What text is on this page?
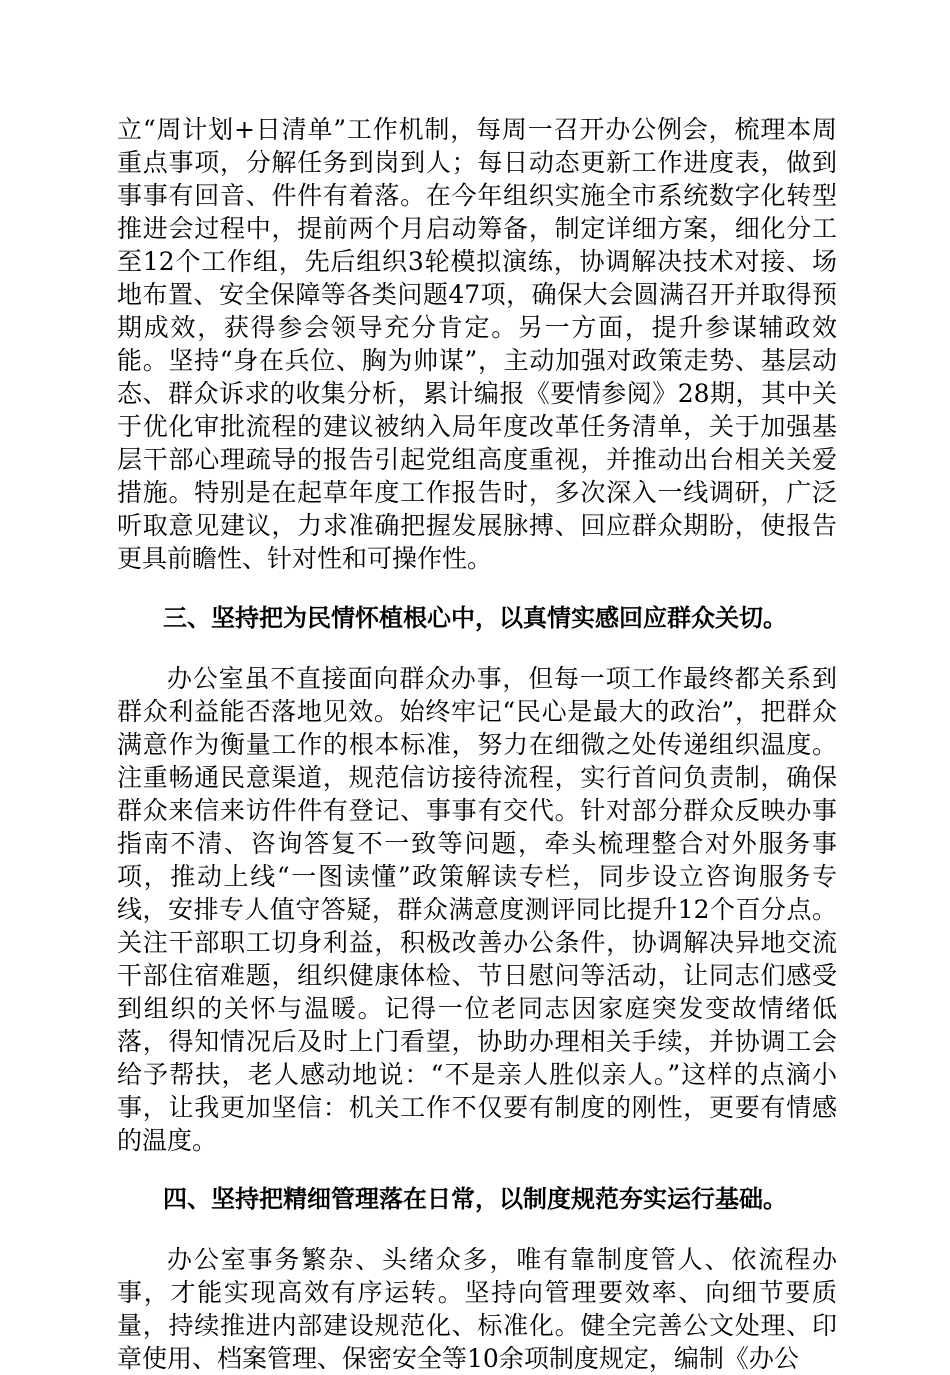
立“周计划+日清单”工作机制，每周一召开办公例会，梳理本周重点事项，分解任务到岗到人；每日动态更新工作进度表，做到事事有回音、件件有着落。在今年组织实施全市系统数字化转型推进会过程中，提前两个月启动筹备，制定详细方案，细化分工至12个工作组，先后组织3轮模拟演练，协调解决技术对接、场地布置、安全保障等各类问题47项，确保大会圆满召开并取得预期成效，获得参会领导充分肯定。另一方面，提升参谋辅政效能。坚持“身在兵位、胸为帅谋”，主动加强对政策走势、基层动态、群众诉求的收集分析，累计编报《要情参阅》28期，其中关于优化审批流程的建议被纳入局年度改革任务清单，关于加强基层干部心理疏导的报告引起党组高度重视，并推动出台相关关爱措施。特别是在起草年度工作报告时，多次深入一线调研，广泛听取意见建议，力求准确把握发展脉搏、回应群众期盼，使报告更具前瞻性、针对性和可操作性。

三、坚持把为民情怀植根心中，以真情实感回应群众关切。

办公室虽不直接面向群众办事，但每一项工作最终都关系到群众利益能否落地见效。始终牢记“民心是最大的政治”，把群众满意作为衡量工作的根本标准，努力在细微之处传递组织温度。注重畅通民意渠道，规范信访接待流程，实行首问负责制，确保群众来信来访件件有登记、事事有交代。针对部分群众反映办事指南不清、咨询答复不一致等问题，牵头梳理整合对外服务事项，推动上线“一图读懂”政策解读专栏，同步设立咨询服务专线，安排专人值守答疑，群众满意度测评同比提升12个百分点。关注干部职工切身利益，积极改善办公条件，协调解决异地交流干部住宿难题，组织健康体检、节日慰问等活动，让同志们感受到组织的关怀与温暖。记得一位老同志因家庭突发变故情绪低落，得知情况后及时上门看望，协助办理相关手续，并协调工会给予帮扶，老人感动地说：“不是亲人胜似亲人。”这样的点滴小事，让我更加坚信：机关工作不仅要有制度的刚性，更要有情感的温度。

四、坚持把精细管理落在日常，以制度规范夯实运行基础。

办公室事务繁杂、头绪众多，唯有靠制度管人、依流程办事，才能实现高效有序运转。坚持向管理要效率、向细节要质量，持续推进内部建设规范化、标准化。健全完善公文处理、印章使用、档案管理、保密安全等10余项制度规定，编制《办公
